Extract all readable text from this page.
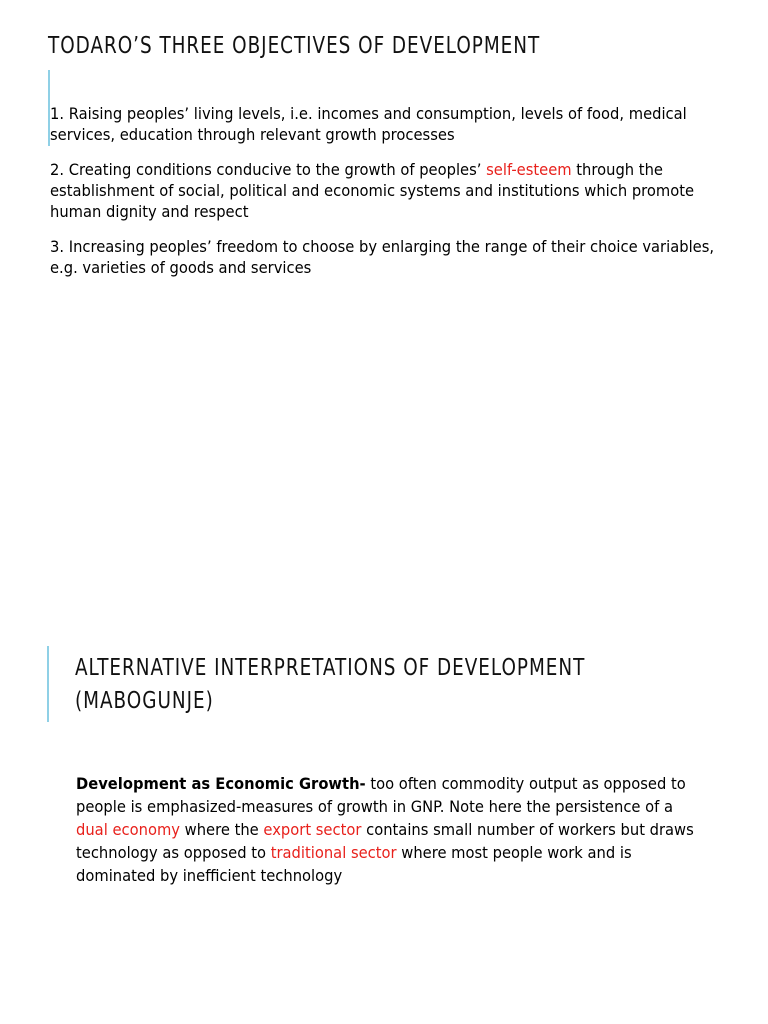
TODARO’S THREE OBJECTIVES OF DEVELOPMENT

1. Raising peoples’ living levels, i.e. incomes and consumption, levels of food, medical services, education through relevant growth processes

2. Creating conditions conducive to the growth of peoples’ self-esteem through the establishment of social, political and economic systems and institutions which promote human dignity and respect

3. Increasing peoples’ freedom to choose by enlarging the range of their choice variables, e.g. varieties of goods and services

ALTERNATIVE INTERPRETATIONS OF DEVELOPMENT
(MABOGUNJE)
Development as Economic Growth- too often commodity output as opposed to people is emphasized-measures of growth in GNP. Note here the persistence of a dual economy where the export sector contains small number of workers but draws technology as opposed to traditional sector where most people work and is dominated by inefficient technology
